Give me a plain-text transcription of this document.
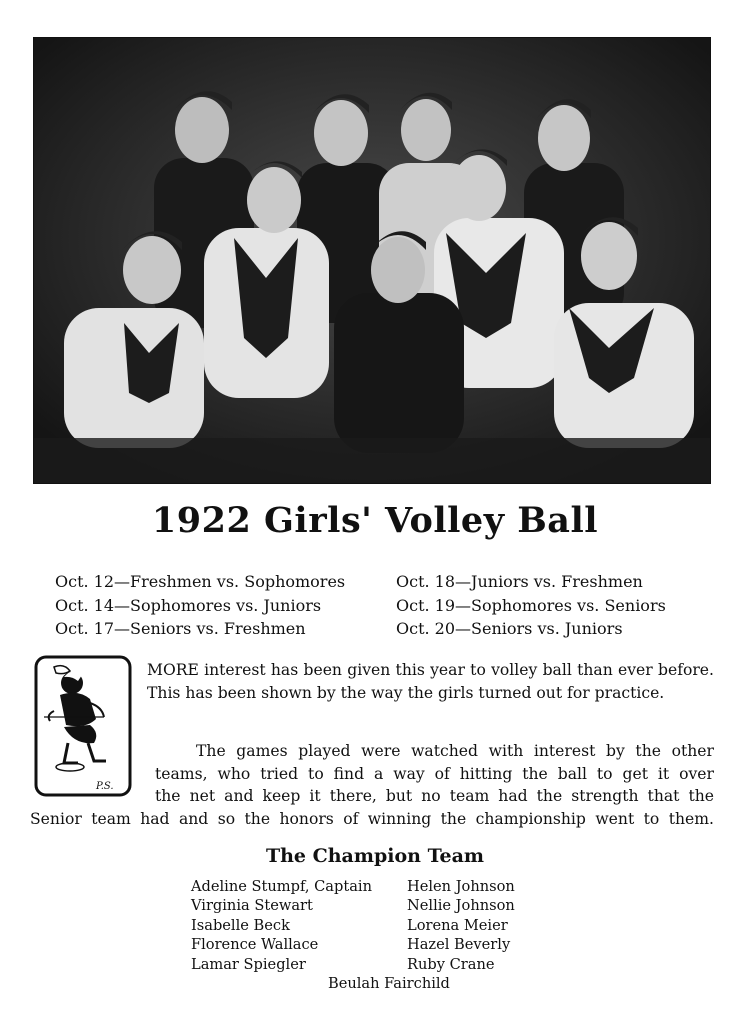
1922 Girls' Volley Ball
Oct. 12—Freshmen vs. Sophomores
Oct. 14—Sophomores vs. Juniors
Oct. 17—Seniors vs. Freshmen
Oct. 18—Juniors vs. Freshmen
Oct. 19—Sophomores vs. Seniors
Oct. 20—Seniors vs. Juniors
P.S.
MORE interest has been given this year to volley ball than ever before. This has been shown by the way the girls turned out for practice.
The games played were watched with interest by the other
teams, who tried to find a way of hitting the ball to get it over
the net and keep it there, but no team had the strength that the
Senior team had and so the honors of winning the championship went to them.
The Champion Team
Adeline Stumpf, Captain
Virginia Stewart
Isabelle Beck
Florence Wallace
Lamar Spiegler
Helen Johnson
Nellie Johnson
Lorena Meier
Hazel Beverly
Ruby Crane
Beulah Fairchild
